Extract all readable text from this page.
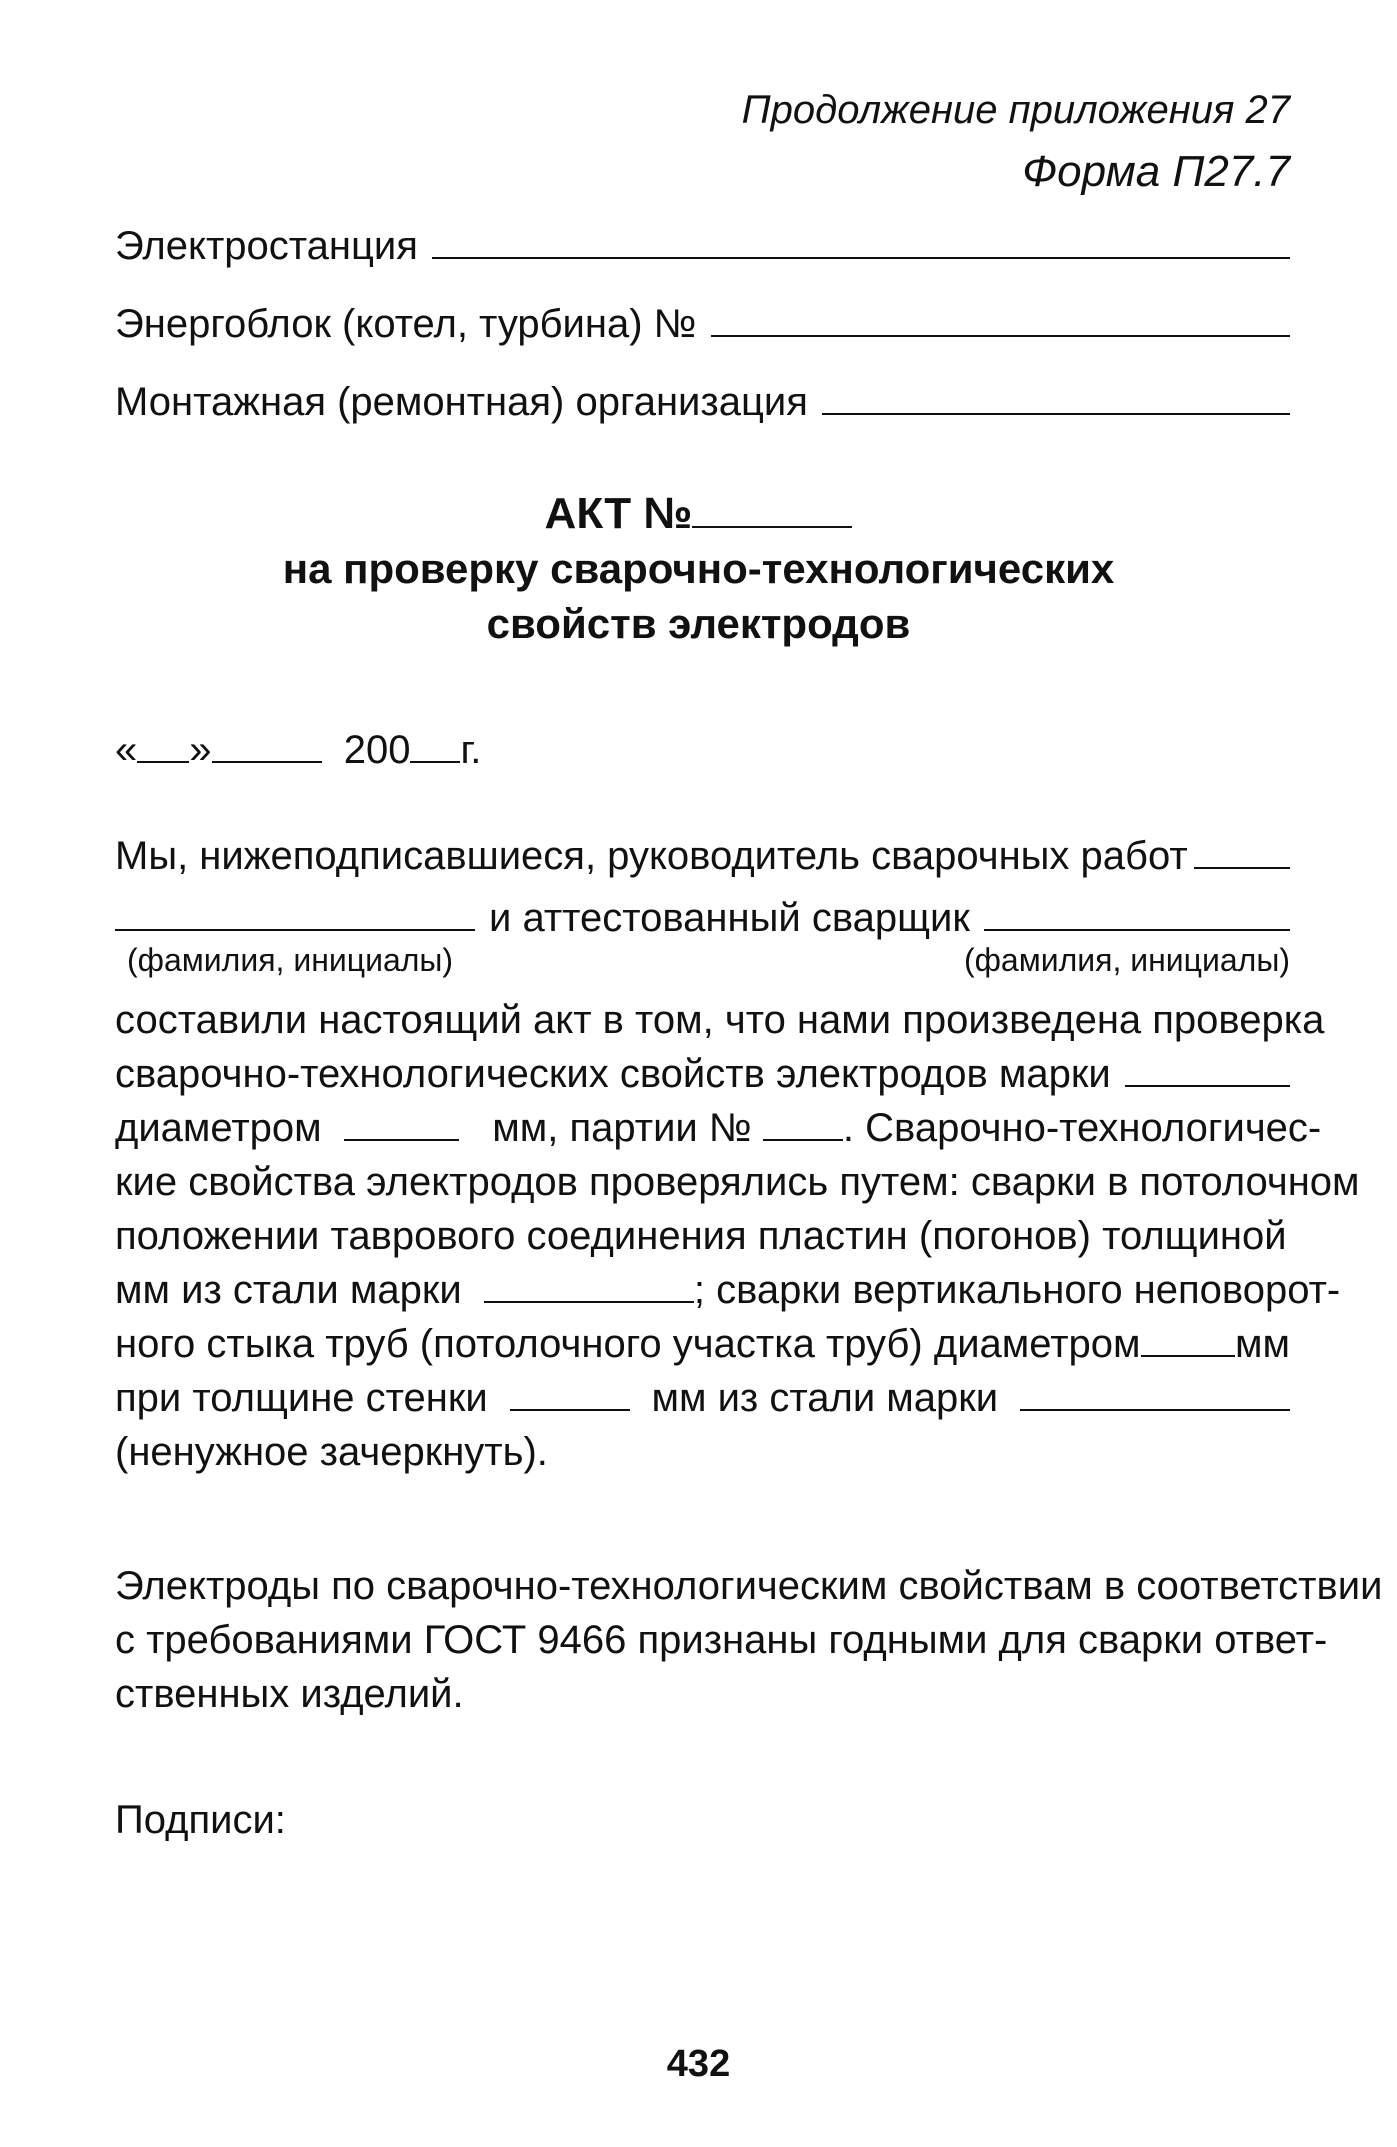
Продолжение приложения 27
Форма П27.7
Электростанция
Энергоблок (котел, турбина) №
Монтажная (ремонтная) организация
АКТ №
на проверку сварочно-технологических
свойств электродов
« »	200 г.
Мы, нижеподписавшиеся, руководитель сварочных работ
и аттестованный сварщик
(фамилия, инициалы)	(фамилия, инициалы)
составили настоящий акт в том, что нами произведена проверка
сварочно-технологических свойств электродов марки
диаметром	мм, партии № . Сварочно-технологичес-
кие свойства электродов проверялись путем: сварки в потолочном
положении таврового соединения пластин (погонов) толщиной
мм из стали марки	; сварки вертикального неповорот-
ного стыка труб (потолочного участка труб) диаметром мм
при толщине стенки	мм из стали марки
(ненужное зачеркнуть).
Электроды по сварочно-технологическим свойствам в соответствии
с требованиями ГОСТ 9466 признаны годными для сварки ответ-
ственных изделий.
Подписи:
432
